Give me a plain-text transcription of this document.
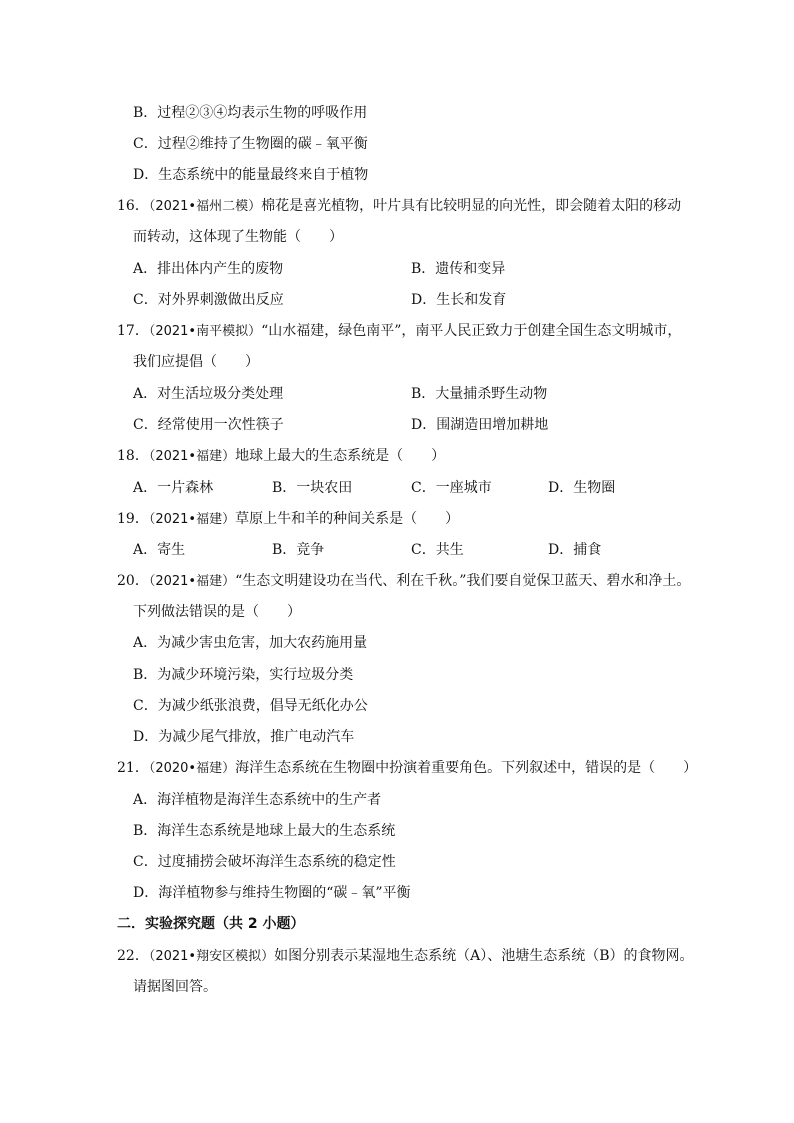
B．过程②③④均表示生物的呼吸作用
C．过程②维持了生物圈的碳﹣氧平衡
D．生态系统中的能量最终来自于植物
16．（2021•福州二模）棉花是喜光植物，叶片具有比较明显的向光性，即会随着太阳的移动
而转动，这体现了生物能（　　）
A．排出体内产生的废物	B．遗传和变异
C．对外界刺激做出反应	D．生长和发育
17．（2021•南平模拟）“山水福建，绿色南平”，南平人民正致力于创建全国生态文明城市，
我们应提倡（　　）
A．对生活垃圾分类处理	B．大量捕杀野生动物
C．经常使用一次性筷子	D．围湖造田增加耕地
18．（2021•福建）地球上最大的生态系统是（　　）
A．一片森林	B．一块农田	C．一座城市	D．生物圈
19．（2021•福建）草原上牛和羊的种间关系是（　　）
A．寄生	B．竞争	C．共生	D．捕食
20．（2021•福建）“生态文明建设功在当代、利在千秋。”我们要自觉保卫蓝天、碧水和净土。
下列做法错误的是（　　）
A．为减少害虫危害，加大农药施用量
B．为减少环境污染，实行垃圾分类
C．为减少纸张浪费，倡导无纸化办公
D．为减少尾气排放，推广电动汽车
21．（2020•福建）海洋生态系统在生物圈中扮演着重要角色。下列叙述中，错误的是（　　）
A．海洋植物是海洋生态系统中的生产者
B．海洋生态系统是地球上最大的生态系统
C．过度捕捞会破坏海洋生态系统的稳定性
D．海洋植物参与维持生物圈的“碳﹣氧”平衡
二．实验探究题（共 2 小题）
22．（2021•翔安区模拟）如图分别表示某湿地生态系统（A）、池塘生态系统（B）的食物网。
请据图回答。
